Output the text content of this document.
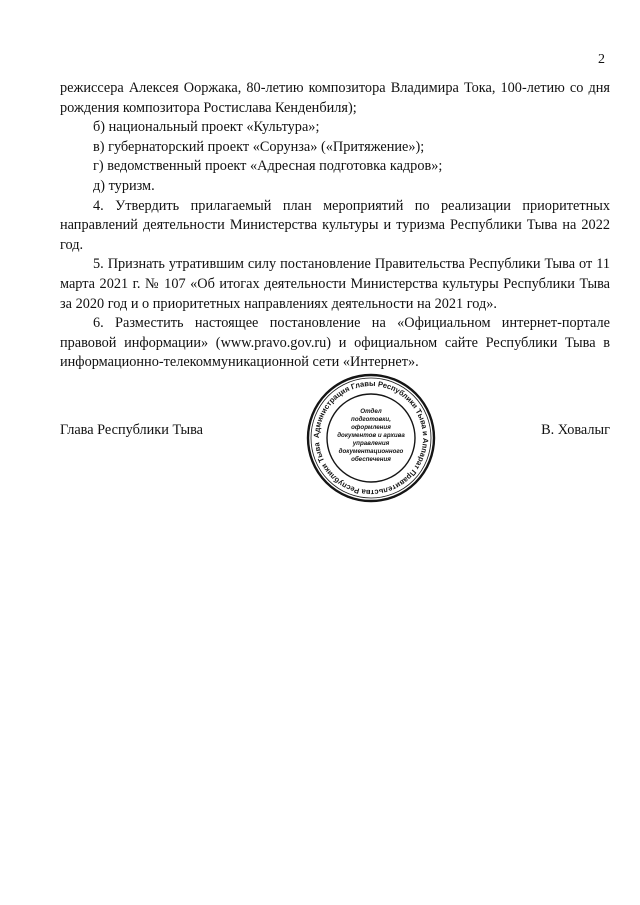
2

режиссера Алексея Ооржака, 80-летию композитора Владимира Тока, 100-летию со дня рождения композитора Ростислава Кенденбиля);

б) национальный проект «Культура»;

в) губернаторский проект «Сорунза» («Притяжение»);

г) ведомственный проект «Адресная подготовка кадров»;

д) туризм.

4. Утвердить прилагаемый план мероприятий по реализации приоритетных направлений деятельности Министерства культуры и туризма Республики Тыва на 2022 год.

5. Признать утратившим силу постановление Правительства Республики Тыва от 11 марта 2021 г. № 107 «Об итогах деятельности Министерства культуры Республики Тыва за 2020 год и о приоритетных направлениях деятельности на 2021 год».

6. Разместить настоящее постановление на «Официальном интернет-портале правовой информации» (www.pravo.gov.ru) и официальном сайте Республики Тыва в информационно-телекоммуникационной сети «Интернет».

Глава Республики Тыва	В. Ховалыг
Администрация Главы Республики Тыва и Аппарат Правительства Республики Тыва
Отдел
подготовки,
оформления
документов и архива
управления
документационного
обеспечения
